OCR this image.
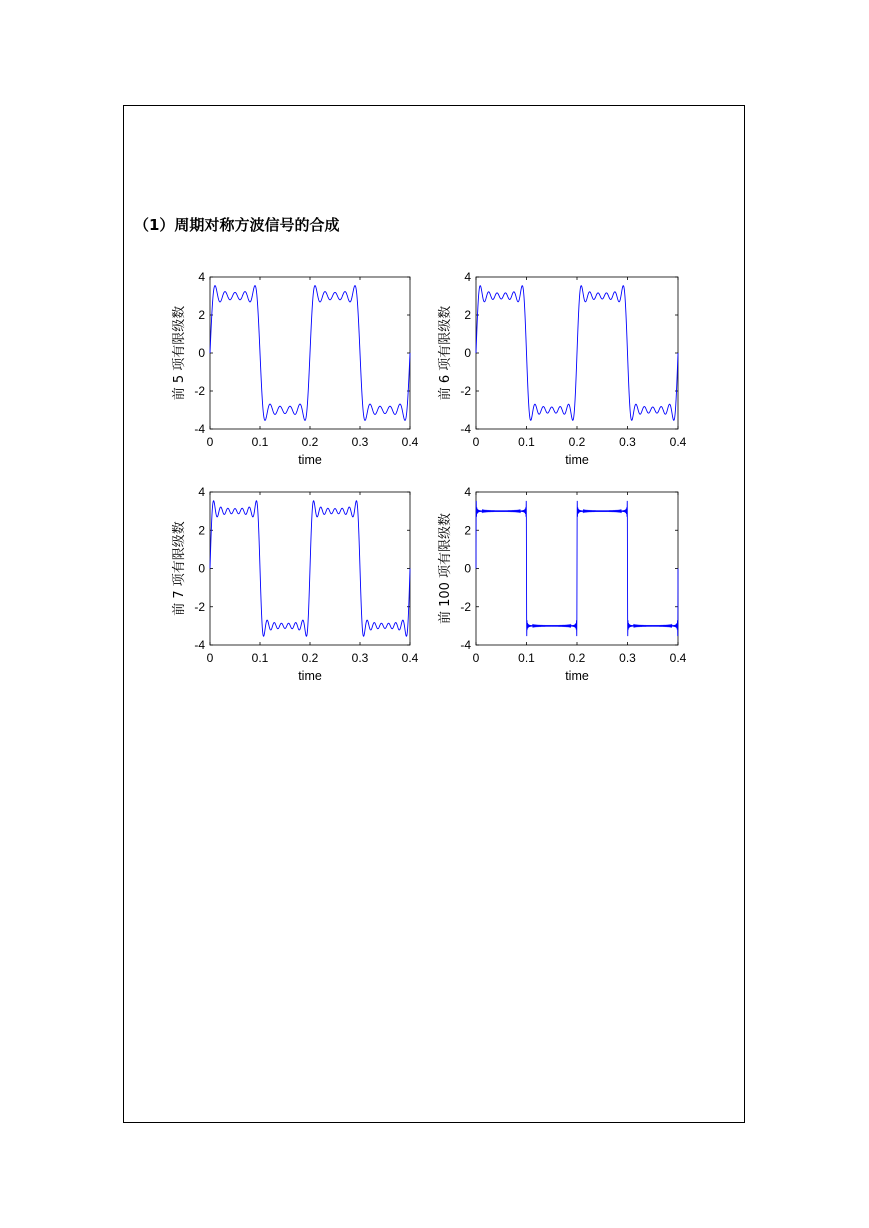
（1）周期对称方波信号的合成
0	0.1	0.2	0.3	0.4
4
2
0
-2
-4
time
前 5 项有限级数
0	0.1	0.2	0.3	0.4
4
2
0
-2
-4
time
前 6 项有限级数
0	0.1	0.2	0.3	0.4
4
2
0
-2
-4
time
前 7 项有限级数
0	0.1	0.2	0.3	0.4
4
2
0
-2
-4
time
前 100 项有限级数
